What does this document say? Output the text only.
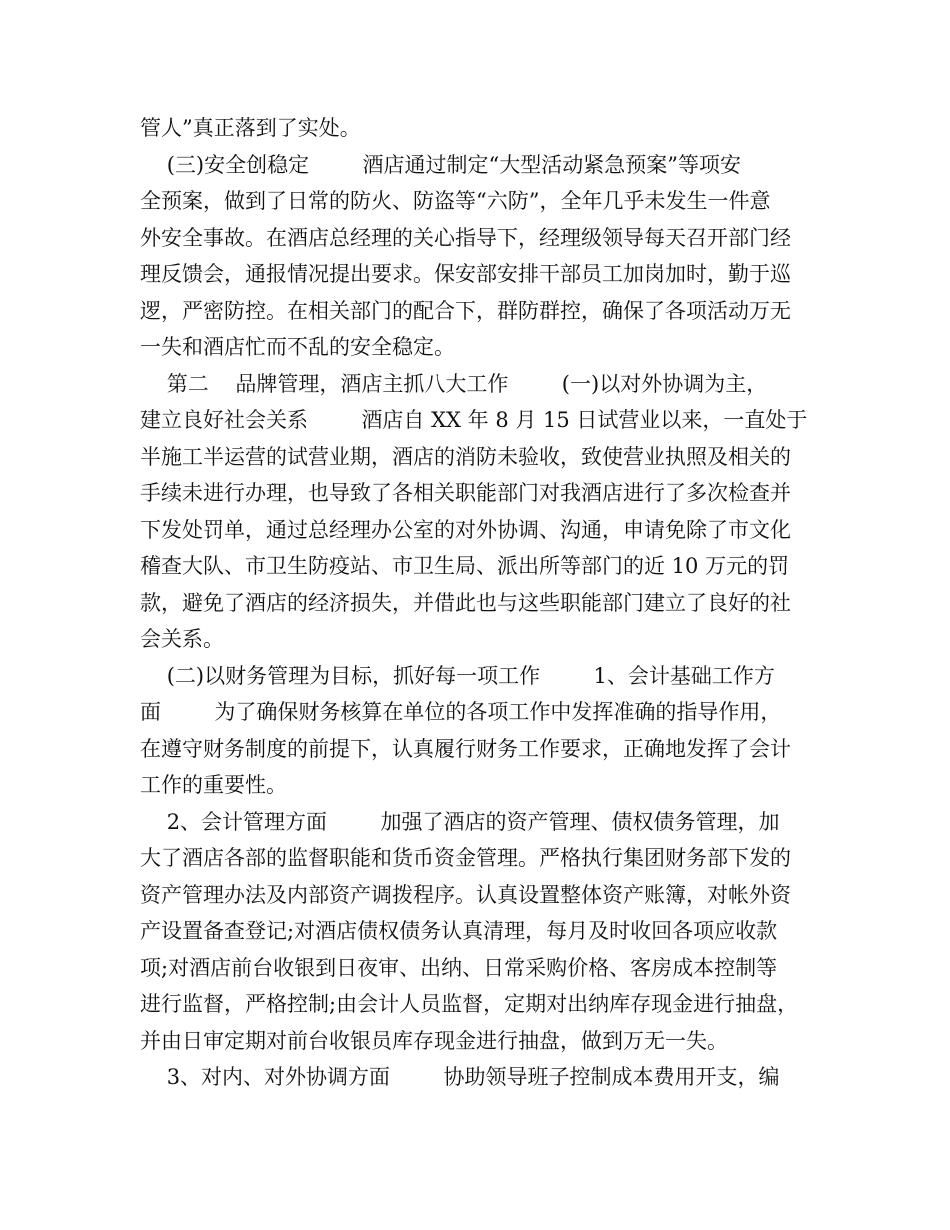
管人”真正落到了实处。
(三)安全创稳定        酒店通过制定“大型活动紧急预案”等项安
全预案，做到了日常的防火、防盗等“六防”，全年几乎未发生一件意
外安全事故。在酒店总经理的关心指导下，经理级领导每天召开部门经
理反馈会，通报情况提出要求。保安部安排干部员工加岗加时，勤于巡
逻，严密防控。在相关部门的配合下，群防群控，确保了各项活动万无
一失和酒店忙而不乱的安全稳定。
第二    品牌管理，酒店主抓八大工作        (一)以对外协调为主，
建立良好社会关系        酒店自 XX 年 8 月 15 日试营业以来，一直处于
半施工半运营的试营业期，酒店的消防未验收，致使营业执照及相关的
手续未进行办理，也导致了各相关职能部门对我酒店进行了多次检查并
下发处罚单，通过总经理办公室的对外协调、沟通，申请免除了市文化
稽查大队、市卫生防疫站、市卫生局、派出所等部门的近 10 万元的罚
款，避免了酒店的经济损失，并借此也与这些职能部门建立了良好的社
会关系。
(二)以财务管理为目标，抓好每一项工作        1、会计基础工作方
面        为了确保财务核算在单位的各项工作中发挥准确的指导作用，
在遵守财务制度的前提下，认真履行财务工作要求，正确地发挥了会计
工作的重要性。
2、会计管理方面        加强了酒店的资产管理、债权债务管理，加
大了酒店各部的监督职能和货币资金管理。严格执行集团财务部下发的
资产管理办法及内部资产调拨程序。认真设置整体资产账簿，对帐外资
产设置备查登记;对酒店债权债务认真清理，每月及时收回各项应收款
项;对酒店前台收银到日夜审、出纳、日常采购价格、客房成本控制等
进行监督，严格控制;由会计人员监督，定期对出纳库存现金进行抽盘，
并由日审定期对前台收银员库存现金进行抽盘，做到万无一失。
3、对内、对外协调方面        协助领导班子控制成本费用开支，编
